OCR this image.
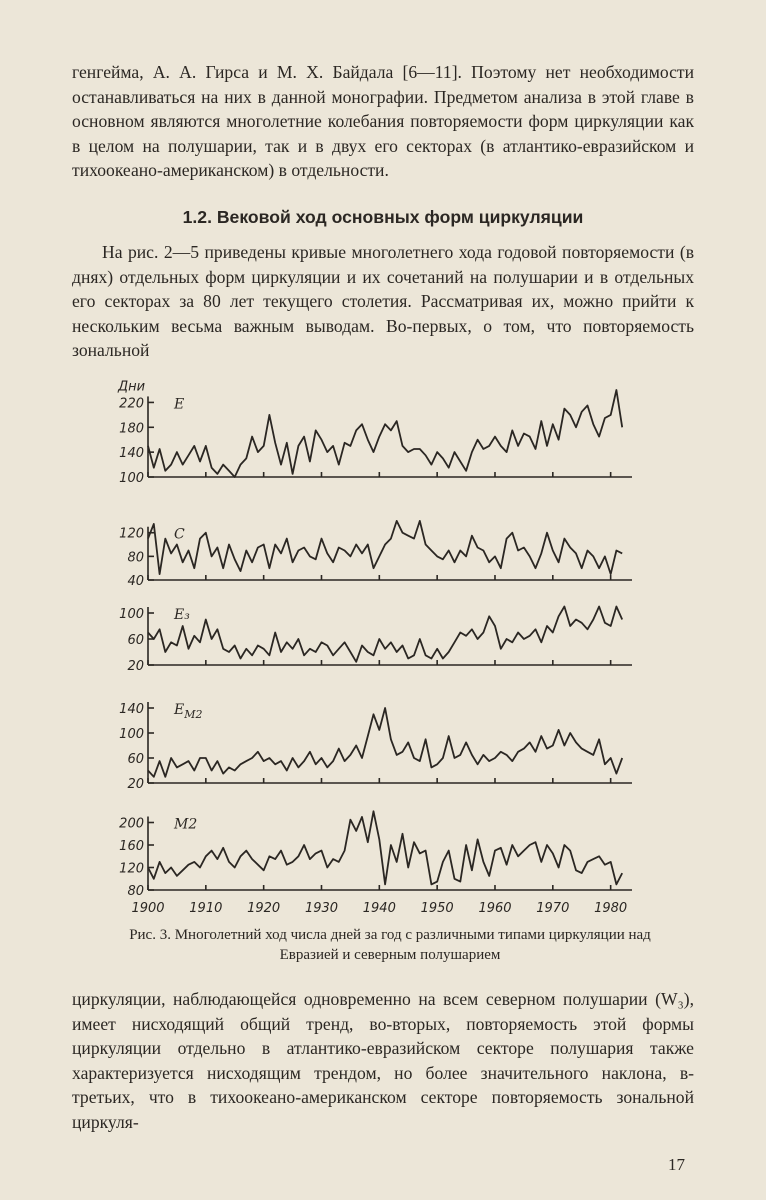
генгейма, А. А. Гирса и М. Х. Байдала [6—11]. Поэтому нет необходимости останавливаться на них в данной монографии. Предметом анализа в этой главе в основном являются многолетние колебания повторяемости форм циркуляции как в целом на полушарии, так и в двух его секторах (в атлантико-евразийском и тихоокеано-американском) в отдельности.

1.2. Вековой ход основных форм циркуляции

На рис. 2—5 приведены кривые многолетнего хода годовой повторяемости (в днях) отдельных форм циркуляции и их сочетаний на полушарии и в отдельных его секторах за 80 лет текущего столетия. Рассматривая их, можно прийти к нескольким весьма важным выводам. Во-первых, о том, что повторяемость зональной

100
140
180
220
Дни
E
40
80
120 С
20
60
100 E₃
20
60
100
140 $E_{M2}$
80
120
160
200 M2
1900 1910 1920 1930 1940 1950 1960 1970 1980
Рис. 3. Многолетний ход числа дней за год с различными типами циркуляции над Евразией и северным полушарием

циркуляции, наблюдающейся одновременно на всем северном полушарии (W₃), имеет нисходящий общий тренд, во-вторых, повторяемость этой формы циркуляции отдельно в атлантико-евразийском секторе полушария также характеризуется нисходящим трендом, но более значительного наклона, в-третьих, что в тихоокеано-американском секторе повторяемость зональной циркуля-

17
